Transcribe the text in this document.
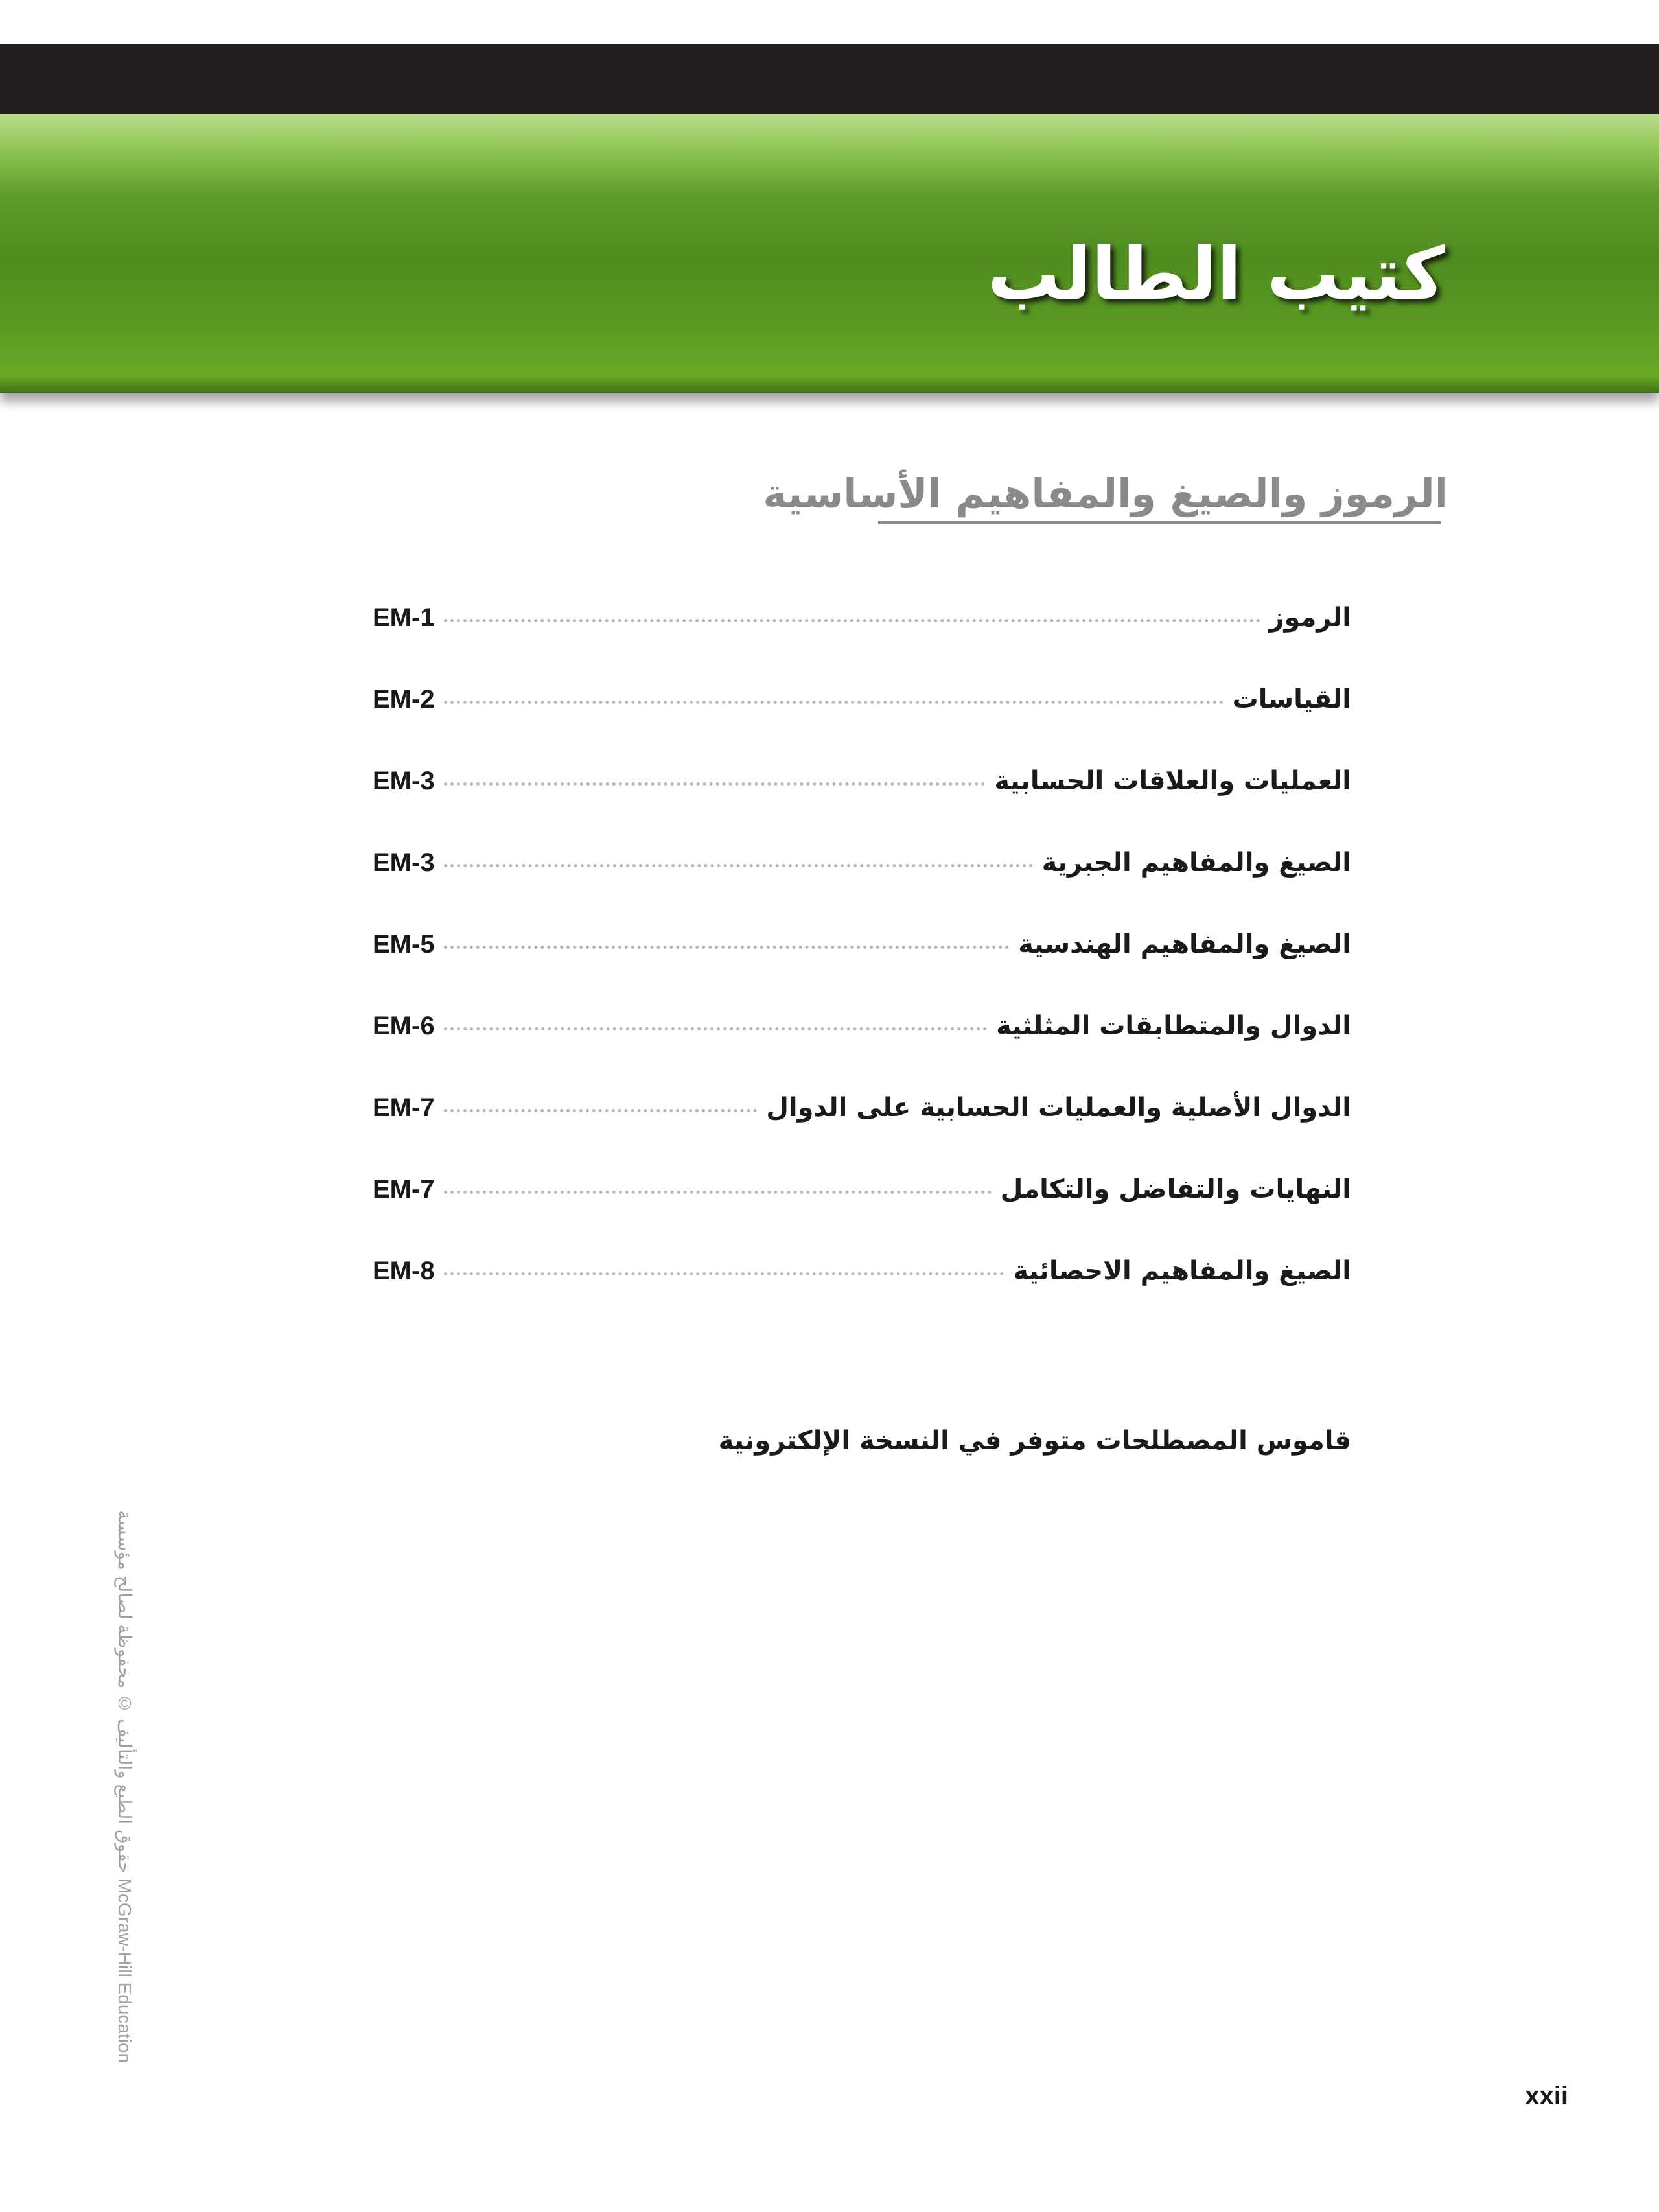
كتيب الطالب
الرموز والصيغ والمفاهيم الأساسية
الرموز
EM-1
القياسات
EM-2
العمليات والعلاقات الحسابية
EM-3
الصيغ والمفاهيم الجبرية
EM-3
الصيغ والمفاهيم الهندسية
EM-5
الدوال والمتطابقات المثلثية
EM-6
الدوال الأصلية والعمليات الحسابية على الدوال
EM-7
النهايات والتفاضل والتكامل
EM-7
الصيغ والمفاهيم الاحصائية
EM-8

قاموس المصطلحات متوفر في النسخة الإلكترونية

حقوق الطبع والتأليف © محفوظة لصالح مؤسسة McGraw-Hill Education

xxii
